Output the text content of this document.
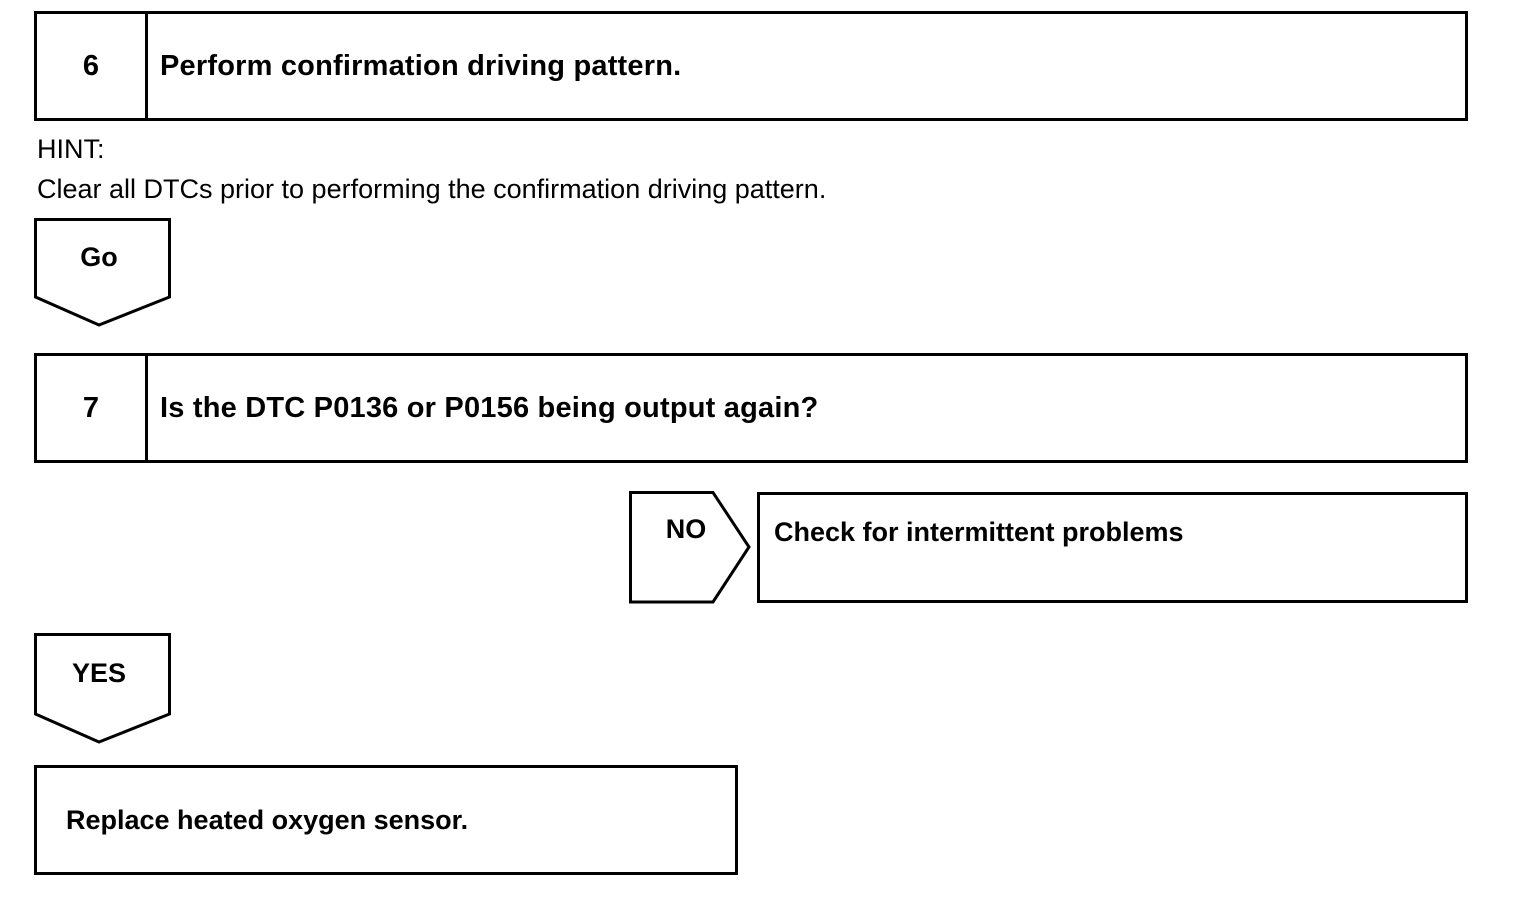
6	Perform confirmation driving pattern.
HINT:
Clear all DTCs prior to performing the confirmation driving pattern.
Go
7	Is the DTC P0136 or P0156 being output again?
NO	Check for intermittent problems
YES
Replace heated oxygen sensor.
